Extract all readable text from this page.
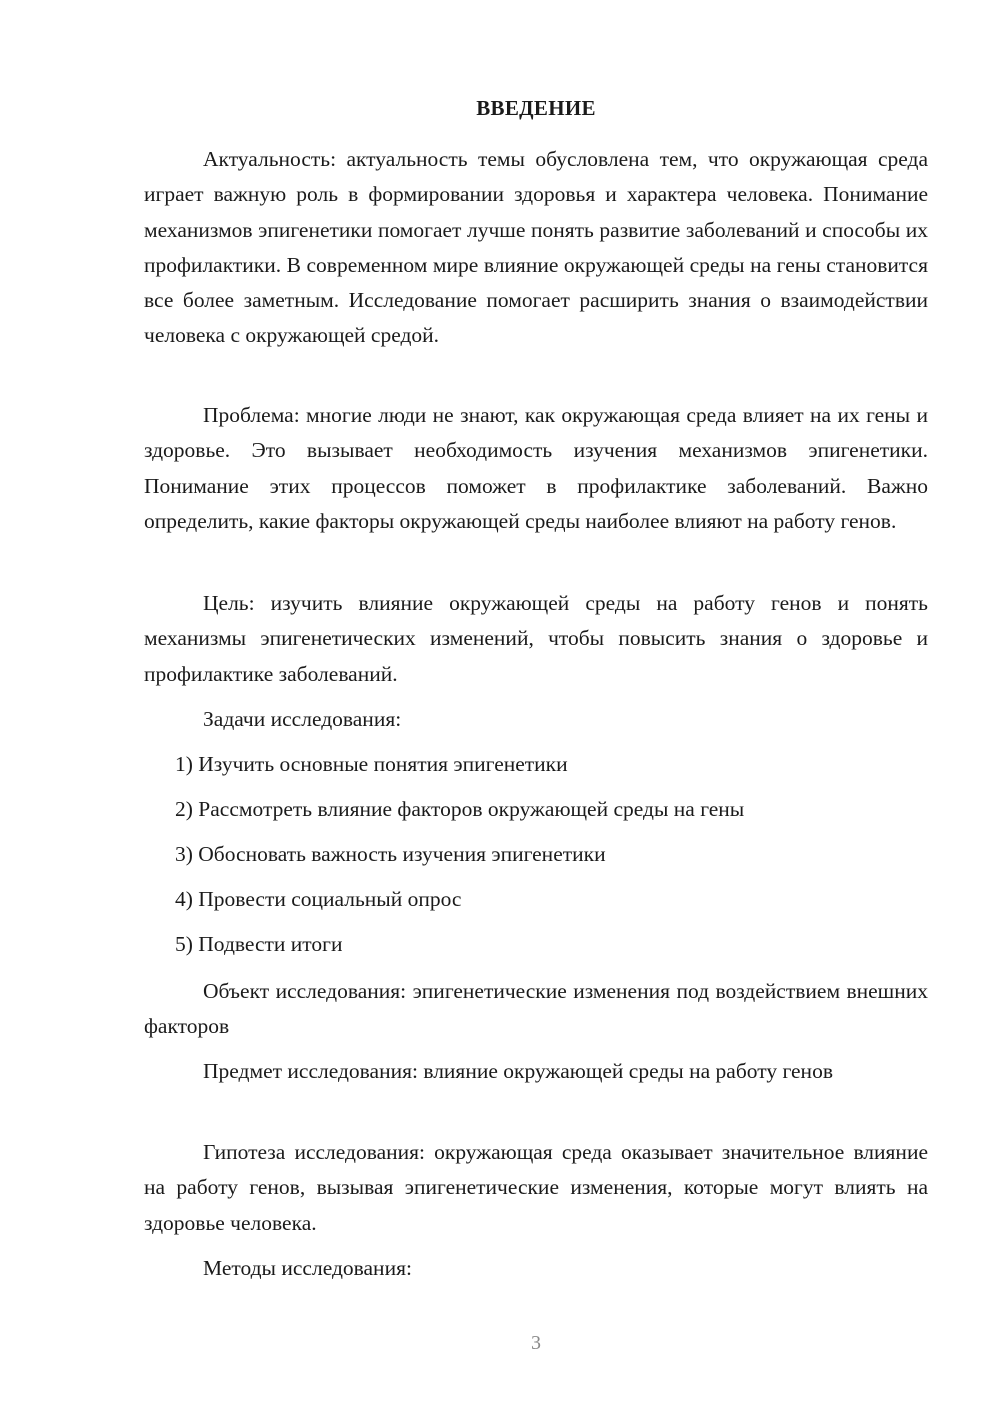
ВВЕДЕНИЕ

Актуальность: актуальность темы обусловлена тем, что окружающая среда играет важную роль в формировании здоровья и характера человека. Понимание механизмов эпигенетики помогает лучше понять развитие заболеваний и способы их профилактики. В современном мире влияние окружающей среды на гены становится все более заметным. Исследование помогает расширить знания о взаимодействии человека с окружающей средой.

Проблема: многие люди не знают, как окружающая среда влияет на их гены и здоровье. Это вызывает необходимость изучения механизмов эпигенетики. Понимание этих процессов поможет в профилактике заболеваний. Важно определить, какие факторы окружающей среды наиболее влияют на работу генов.

Цель: изучить влияние окружающей среды на работу генов и понять механизмы эпигенетических изменений, чтобы повысить знания о здоровье и профилактике заболеваний.

Задачи исследования:

1) Изучить основные понятия эпигенетики

2) Рассмотреть влияние факторов окружающей среды на гены

3) Обосновать важность изучения эпигенетики

4) Провести социальный опрос

5) Подвести итоги

Объект исследования: эпигенетические изменения под воздействием внешних факторов

Предмет исследования: влияние окружающей среды на работу генов

Гипотеза исследования: окружающая среда оказывает значительное влияние на работу генов, вызывая эпигенетические изменения, которые могут влиять на здоровье человека.

Методы исследования:

3
